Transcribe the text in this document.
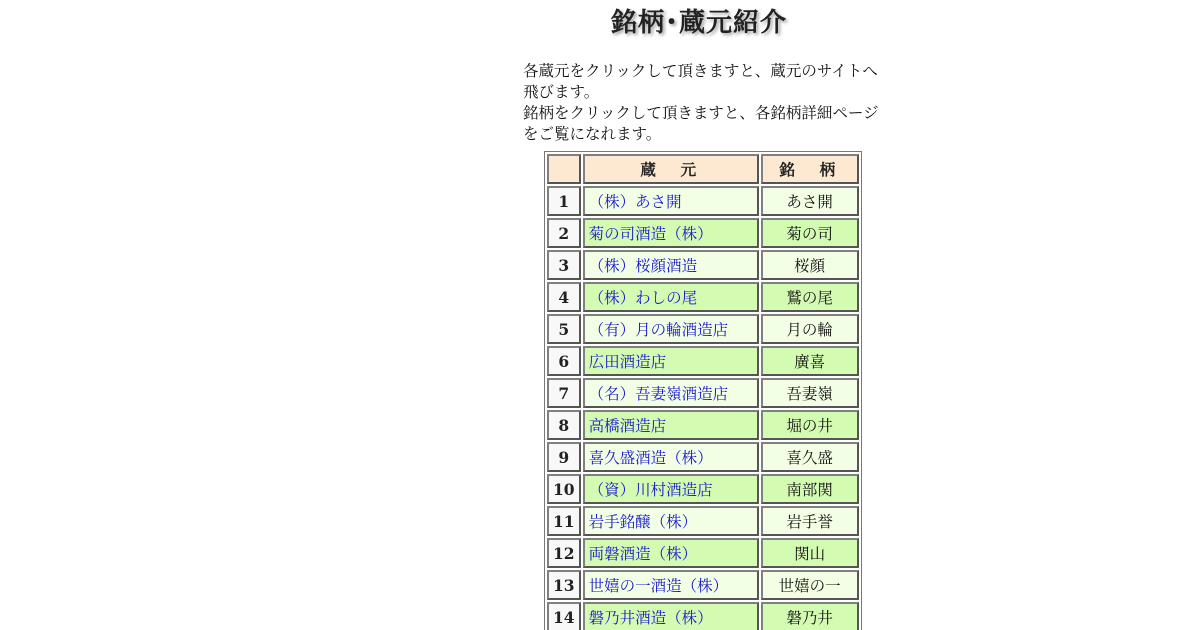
銘柄･蔵元紹介

各蔵元をクリックして頂きますと、蔵元のサイトへ飛びます。

銘柄をクリックして頂きますと、各銘柄詳細ページをご覧になれます。

	蔵　元	銘　柄
1	（株）あさ開	あさ開
2	菊の司酒造（株）	菊の司
3	（株）桜顔酒造	桜顔
4	（株）わしの尾	鷲の尾
5	（有）月の輪酒造店	月の輪
6	広田酒造店	廣喜
7	（名）吾妻嶺酒造店	吾妻嶺
8	高橋酒造店	堀の井
9	喜久盛酒造（株）	喜久盛
10	（資）川村酒造店	南部関
11	岩手銘醸（株）	岩手誉
12	両磐酒造（株）	関山
13	世嬉の一酒造（株）	世嬉の一
14	磐乃井酒造（株）	磐乃井
